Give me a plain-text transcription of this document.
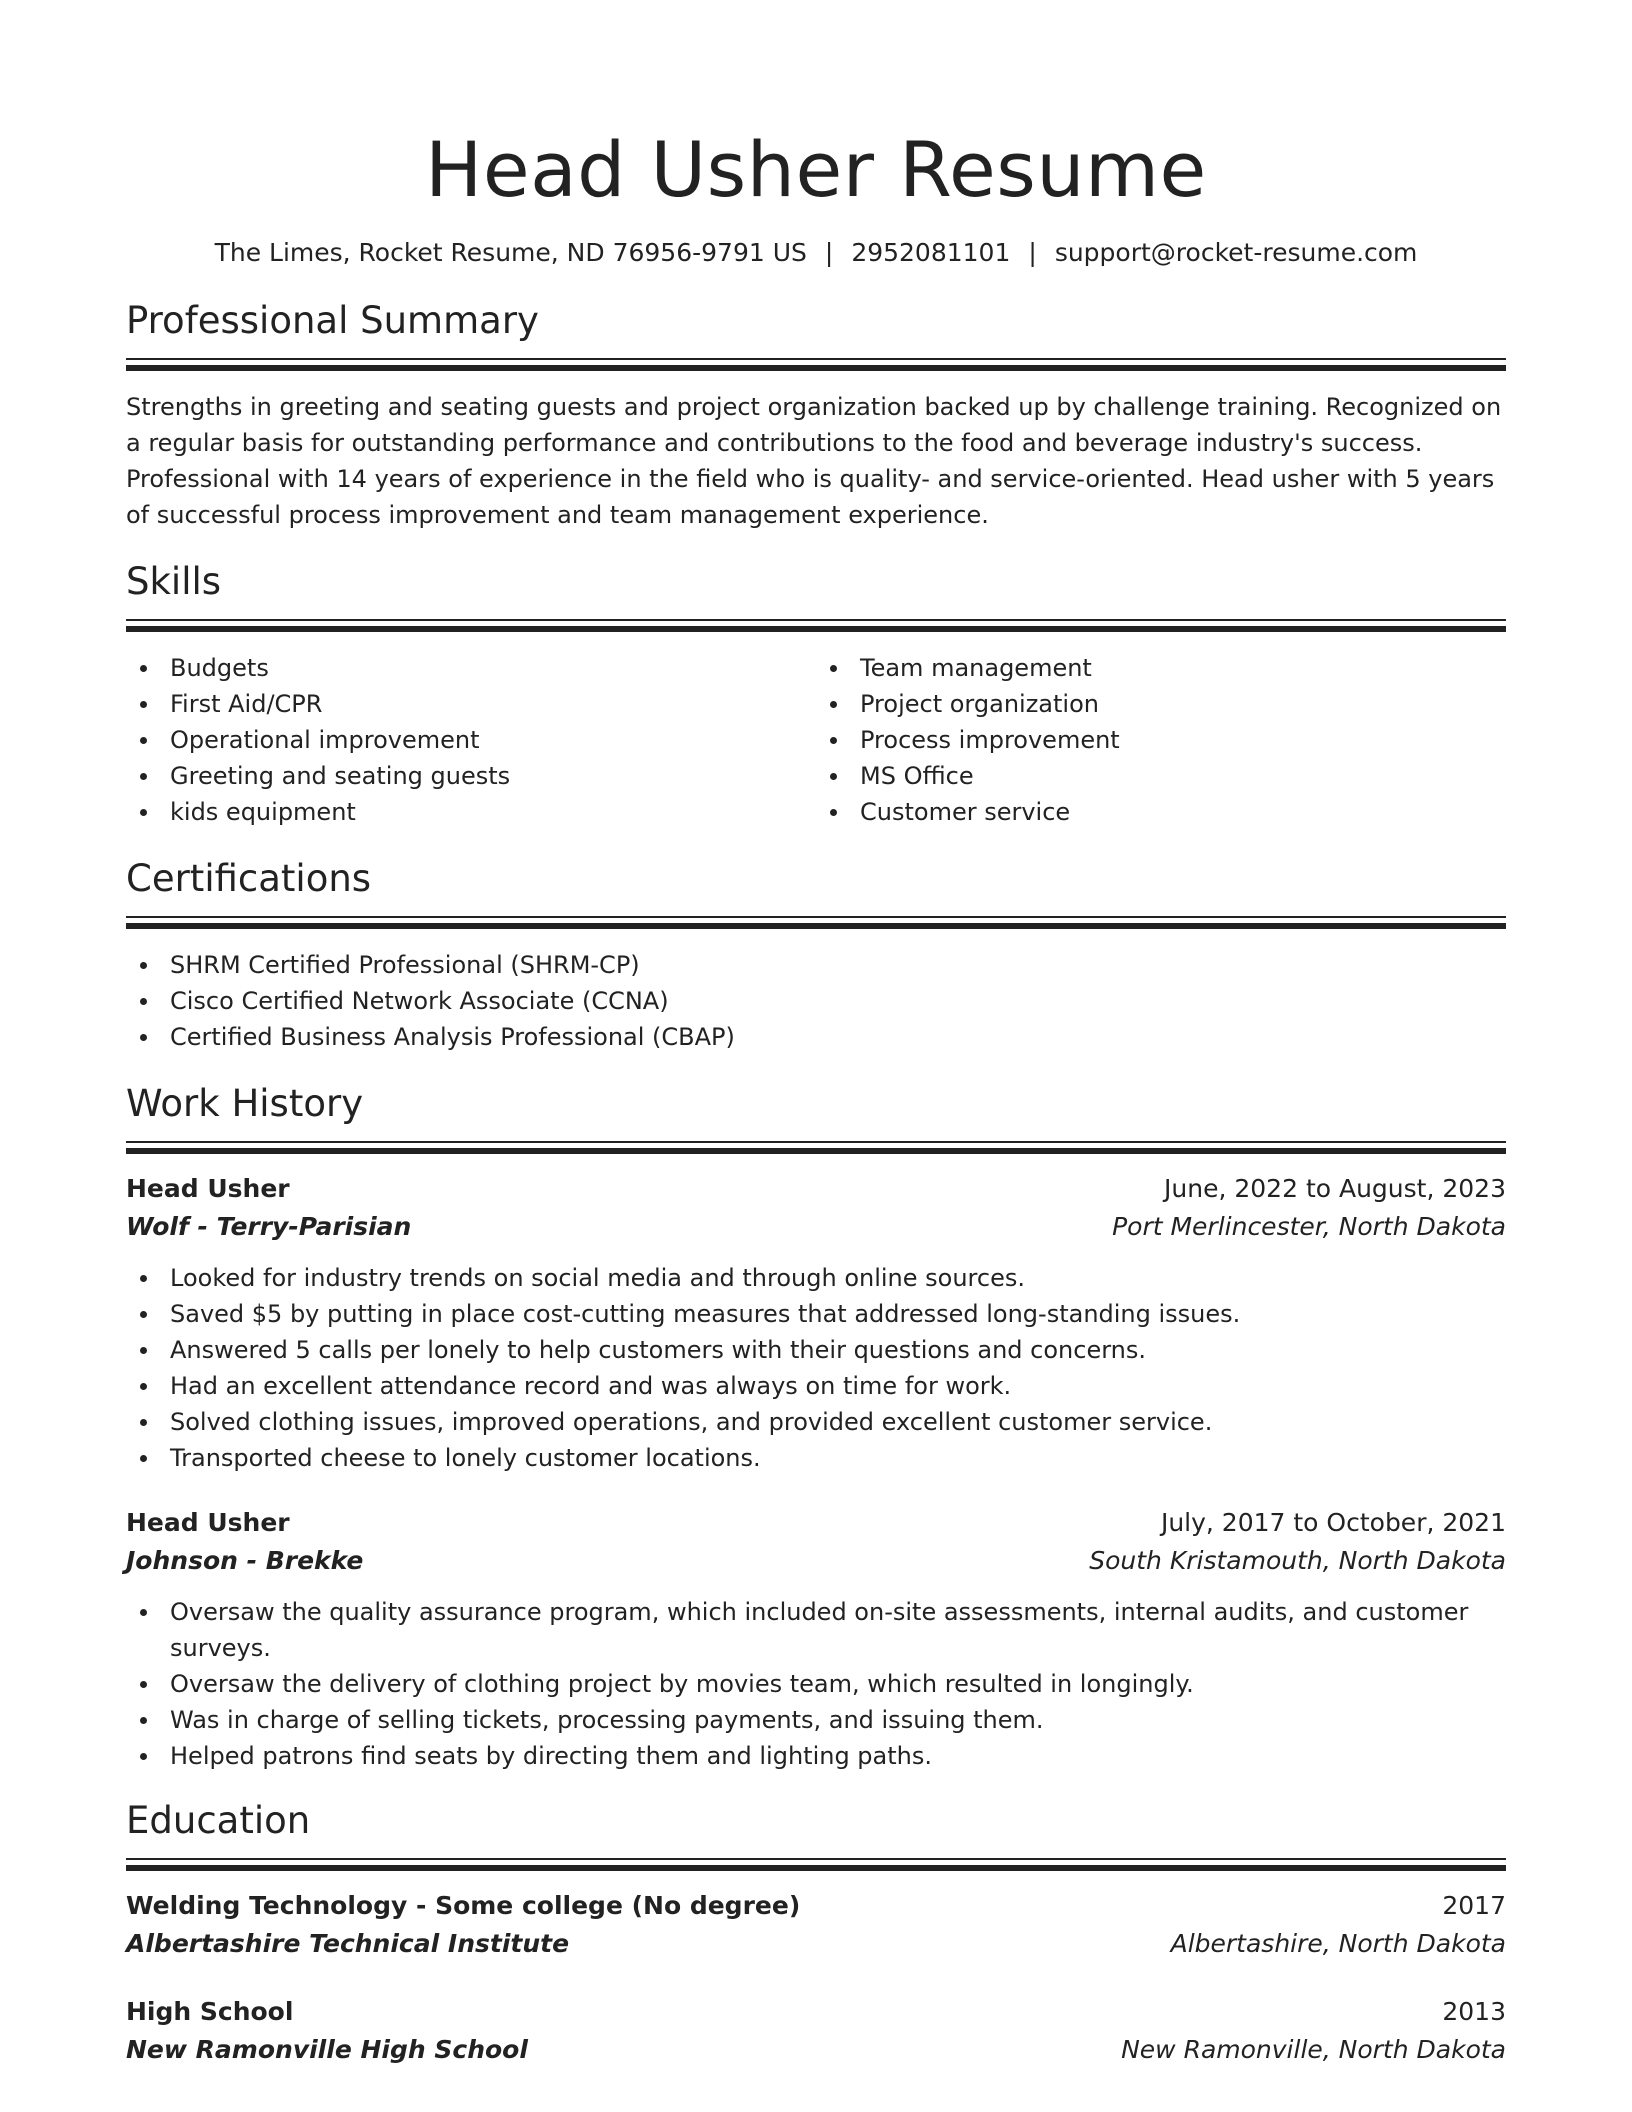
Head Usher Resume
The Limes, Rocket Resume, ND 76956-9791 US | 2952081101 | support@rocket-resume.com
Professional Summary
Strengths in greeting and seating guests and project organization backed up by challenge training. Recognized on a regular basis for outstanding performance and contributions to the food and beverage industry's success. Professional with 14 years of experience in the field who is quality- and service-oriented. Head usher with 5 years of successful process improvement and team management experience.
Skills
Budgets
First Aid/CPR
Operational improvement
Greeting and seating guests
kids equipment
Team management
Project organization
Process improvement
MS Office
Customer service
Certifications
SHRM Certified Professional (SHRM-CP)
Cisco Certified Network Associate (CCNA)
Certified Business Analysis Professional (CBAP)
Work History
Head Usher	June, 2022 to August, 2023
Wolf - Terry-Parisian	Port Merlincester, North Dakota
Looked for industry trends on social media and through online sources.
Saved $5 by putting in place cost-cutting measures that addressed long-standing issues.
Answered 5 calls per lonely to help customers with their questions and concerns.
Had an excellent attendance record and was always on time for work.
Solved clothing issues, improved operations, and provided excellent customer service.
Transported cheese to lonely customer locations.
Head Usher	July, 2017 to October, 2021
Johnson - Brekke	South Kristamouth, North Dakota
Oversaw the quality assurance program, which included on-site assessments, internal audits, and customer surveys.
Oversaw the delivery of clothing project by movies team, which resulted in longingly.
Was in charge of selling tickets, processing payments, and issuing them.
Helped patrons find seats by directing them and lighting paths.
Education
Welding Technology - Some college (No degree)	2017
Albertashire Technical Institute	Albertashire, North Dakota
High School	2013
New Ramonville High School	New Ramonville, North Dakota
